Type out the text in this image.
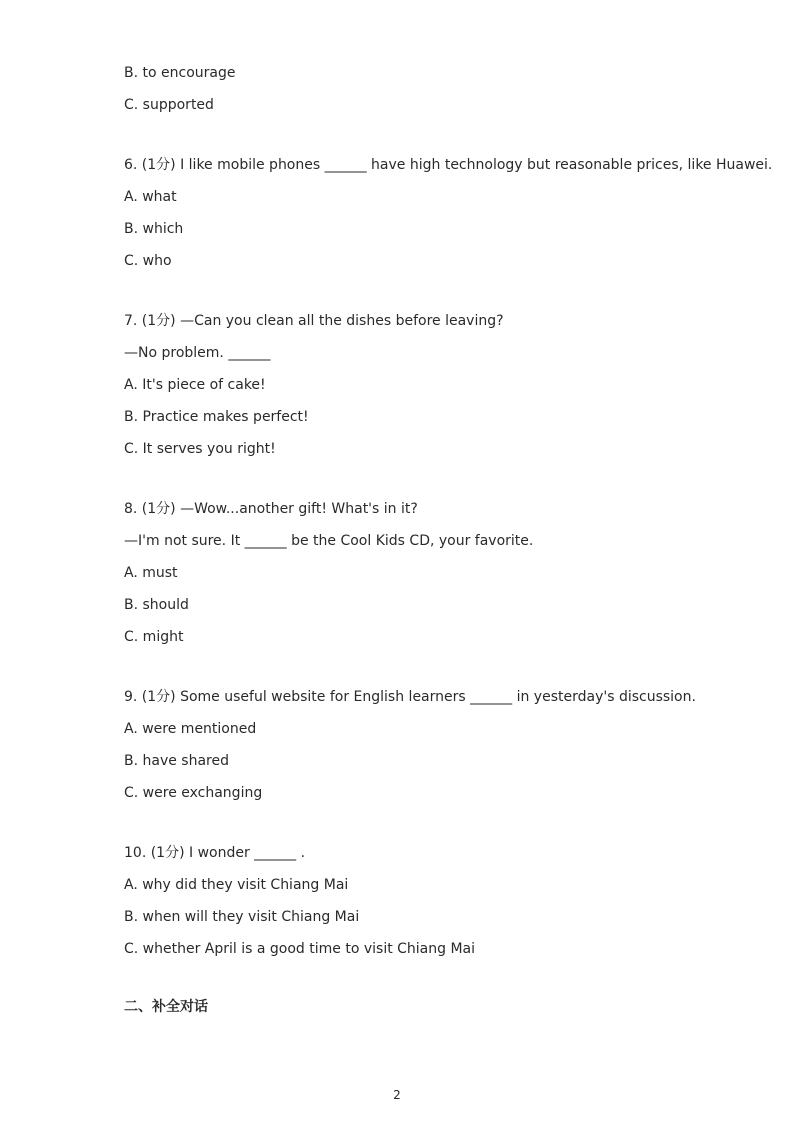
B. to encourage
C. supported
6. (1分) I like mobile phones ______ have high technology but reasonable prices, like Huawei.
A. what
B. which
C. who
7. (1分) —Can you clean all the dishes before leaving?
—No problem. ______
A. It's piece of cake!
B. Practice makes perfect!
C. It serves you right!
8. (1分) —Wow...another gift! What's in it?
—I'm not sure. It ______ be the Cool Kids CD, your favorite.
A. must
B. should
C. might
9. (1分) Some useful website for English learners ______ in yesterday's discussion.
A. were mentioned
B. have shared
C. were exchanging
10. (1分) I wonder ______ .
A. why did they visit Chiang Mai
B. when will they visit Chiang Mai
C. whether April is a good time to visit Chiang Mai
二、补全对话
2
